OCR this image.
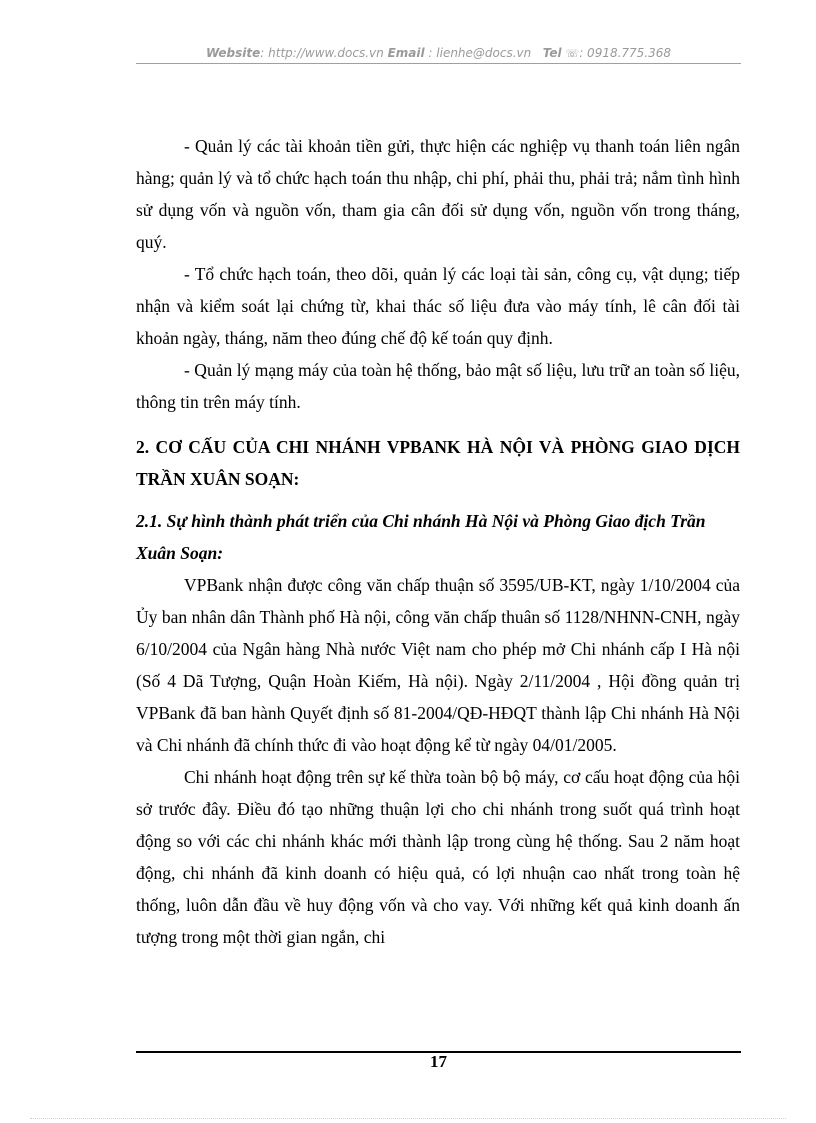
Website: http://www.docs.vn Email : lienhe@docs.vn Tel ☏: 0918.775.368

- Quản lý các tài khoản tiền gửi, thực hiện các nghiệp vụ thanh toán liên ngân hàng; quản lý và tổ chức hạch toán thu nhập, chi phí, phải thu, phải trả; nắm tình hình sử dụng vốn và nguồn vốn, tham gia cân đối sử dụng vốn, nguồn vốn trong tháng, quý.

- Tổ chức hạch toán, theo dõi, quản lý các loại tài sản, công cụ, vật dụng; tiếp nhận và kiểm soát lại chứng từ, khai thác số liệu đưa vào máy tính, lê cân đối tài khoản ngày, tháng, năm theo đúng chế độ kế toán quy định.

- Quản lý mạng máy của toàn hệ thống, bảo mật số liệu, lưu trữ an toàn số liệu, thông tin trên máy tính.

2. CƠ CẤU CỦA CHI NHÁNH VPBANK HÀ NỘI VÀ PHÒNG GIAO DỊCH TRẦN XUÂN SOẠN:

2.1. Sự hình thành phát triển của Chi nhánh Hà Nội và Phòng Giao địch Trần Xuân Soạn:

VPBank nhận được công văn chấp thuận số 3595/UB-KT, ngày 1/10/2004 của Ủy ban nhân dân Thành phố Hà nội, công văn chấp thuân số 1128/NHNN-CNH, ngày 6/10/2004 của Ngân hàng Nhà nước Việt nam cho phép mở Chi nhánh cấp I Hà nội (Số 4 Dã Tượng, Quận Hoàn Kiếm, Hà nội). Ngày 2/11/2004 , Hội đồng quản trị VPBank đã ban hành Quyết định số 81-2004/QĐ-HĐQT thành lập Chi nhánh Hà Nội và Chi nhánh đã chính thức đi vào hoạt động kể từ ngày 04/01/2005.

Chi nhánh hoạt động trên sự kế thừa toàn bộ bộ máy, cơ cấu hoạt động của hội sở trước đây. Điều đó tạo những thuận lợi cho chi nhánh trong suốt quá trình hoạt động so với các chi nhánh khác mới thành lập trong cùng hệ thống. Sau 2 năm hoạt động, chi nhánh đã kinh doanh có hiệu quả, có lợi nhuận cao nhất trong toàn hệ thống, luôn dẫn đầu về huy động vốn và cho vay. Với những kết quả kinh doanh ấn tượng trong một thời gian ngắn, chi

17
